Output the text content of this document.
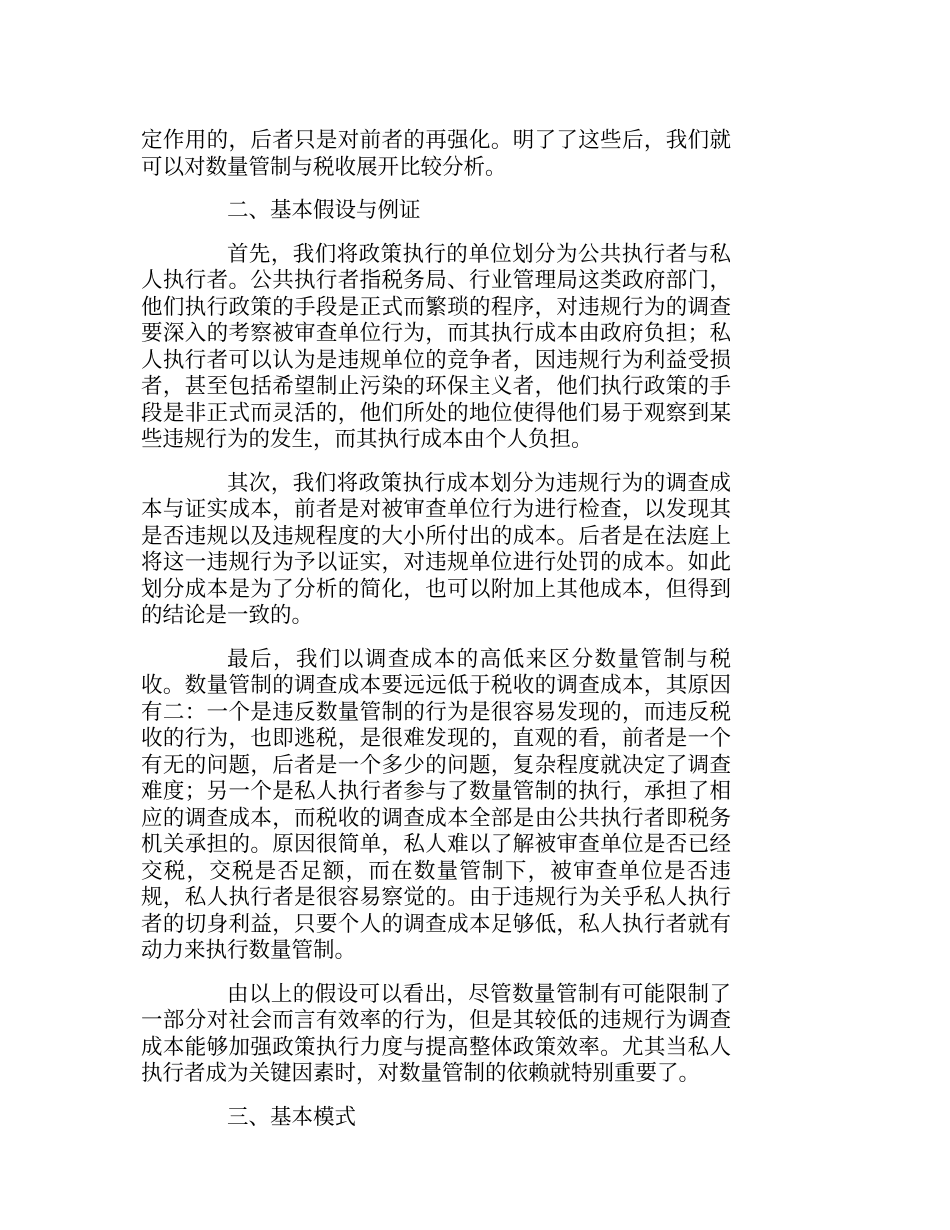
定作用的，后者只是对前者的再强化。明了了这些后，我们就可以对数量管制与税收展开比较分析。

二、基本假设与例证

首先，我们将政策执行的单位划分为公共执行者与私人执行者。公共执行者指税务局、行业管理局这类政府部门，他们执行政策的手段是正式而繁琐的程序，对违规行为的调查要深入的考察被审查单位行为，而其执行成本由政府负担；私人执行者可以认为是违规单位的竞争者，因违规行为利益受损者，甚至包括希望制止污染的环保主义者，他们执行政策的手段是非正式而灵活的，他们所处的地位使得他们易于观察到某些违规行为的发生，而其执行成本由个人负担。

其次，我们将政策执行成本划分为违规行为的调查成本与证实成本，前者是对被审查单位行为进行检查，以发现其是否违规以及违规程度的大小所付出的成本。后者是在法庭上将这一违规行为予以证实，对违规单位进行处罚的成本。如此划分成本是为了分析的简化，也可以附加上其他成本，但得到的结论是一致的。

最后，我们以调查成本的高低来区分数量管制与税收。数量管制的调查成本要远远低于税收的调查成本，其原因有二：一个是违反数量管制的行为是很容易发现的，而违反税收的行为，也即逃税，是很难发现的，直观的看，前者是一个有无的问题，后者是一个多少的问题，复杂程度就决定了调查难度；另一个是私人执行者参与了数量管制的执行，承担了相应的调查成本，而税收的调查成本全部是由公共执行者即税务机关承担的。原因很简单，私人难以了解被审查单位是否已经交税，交税是否足额，而在数量管制下，被审查单位是否违规，私人执行者是很容易察觉的。由于违规行为关乎私人执行者的切身利益，只要个人的调查成本足够低，私人执行者就有动力来执行数量管制。

由以上的假设可以看出，尽管数量管制有可能限制了一部分对社会而言有效率的行为，但是其较低的违规行为调查成本能够加强政策执行力度与提高整体政策效率。尤其当私人执行者成为关键因素时，对数量管制的依赖就特别重要了。

三、基本模式
